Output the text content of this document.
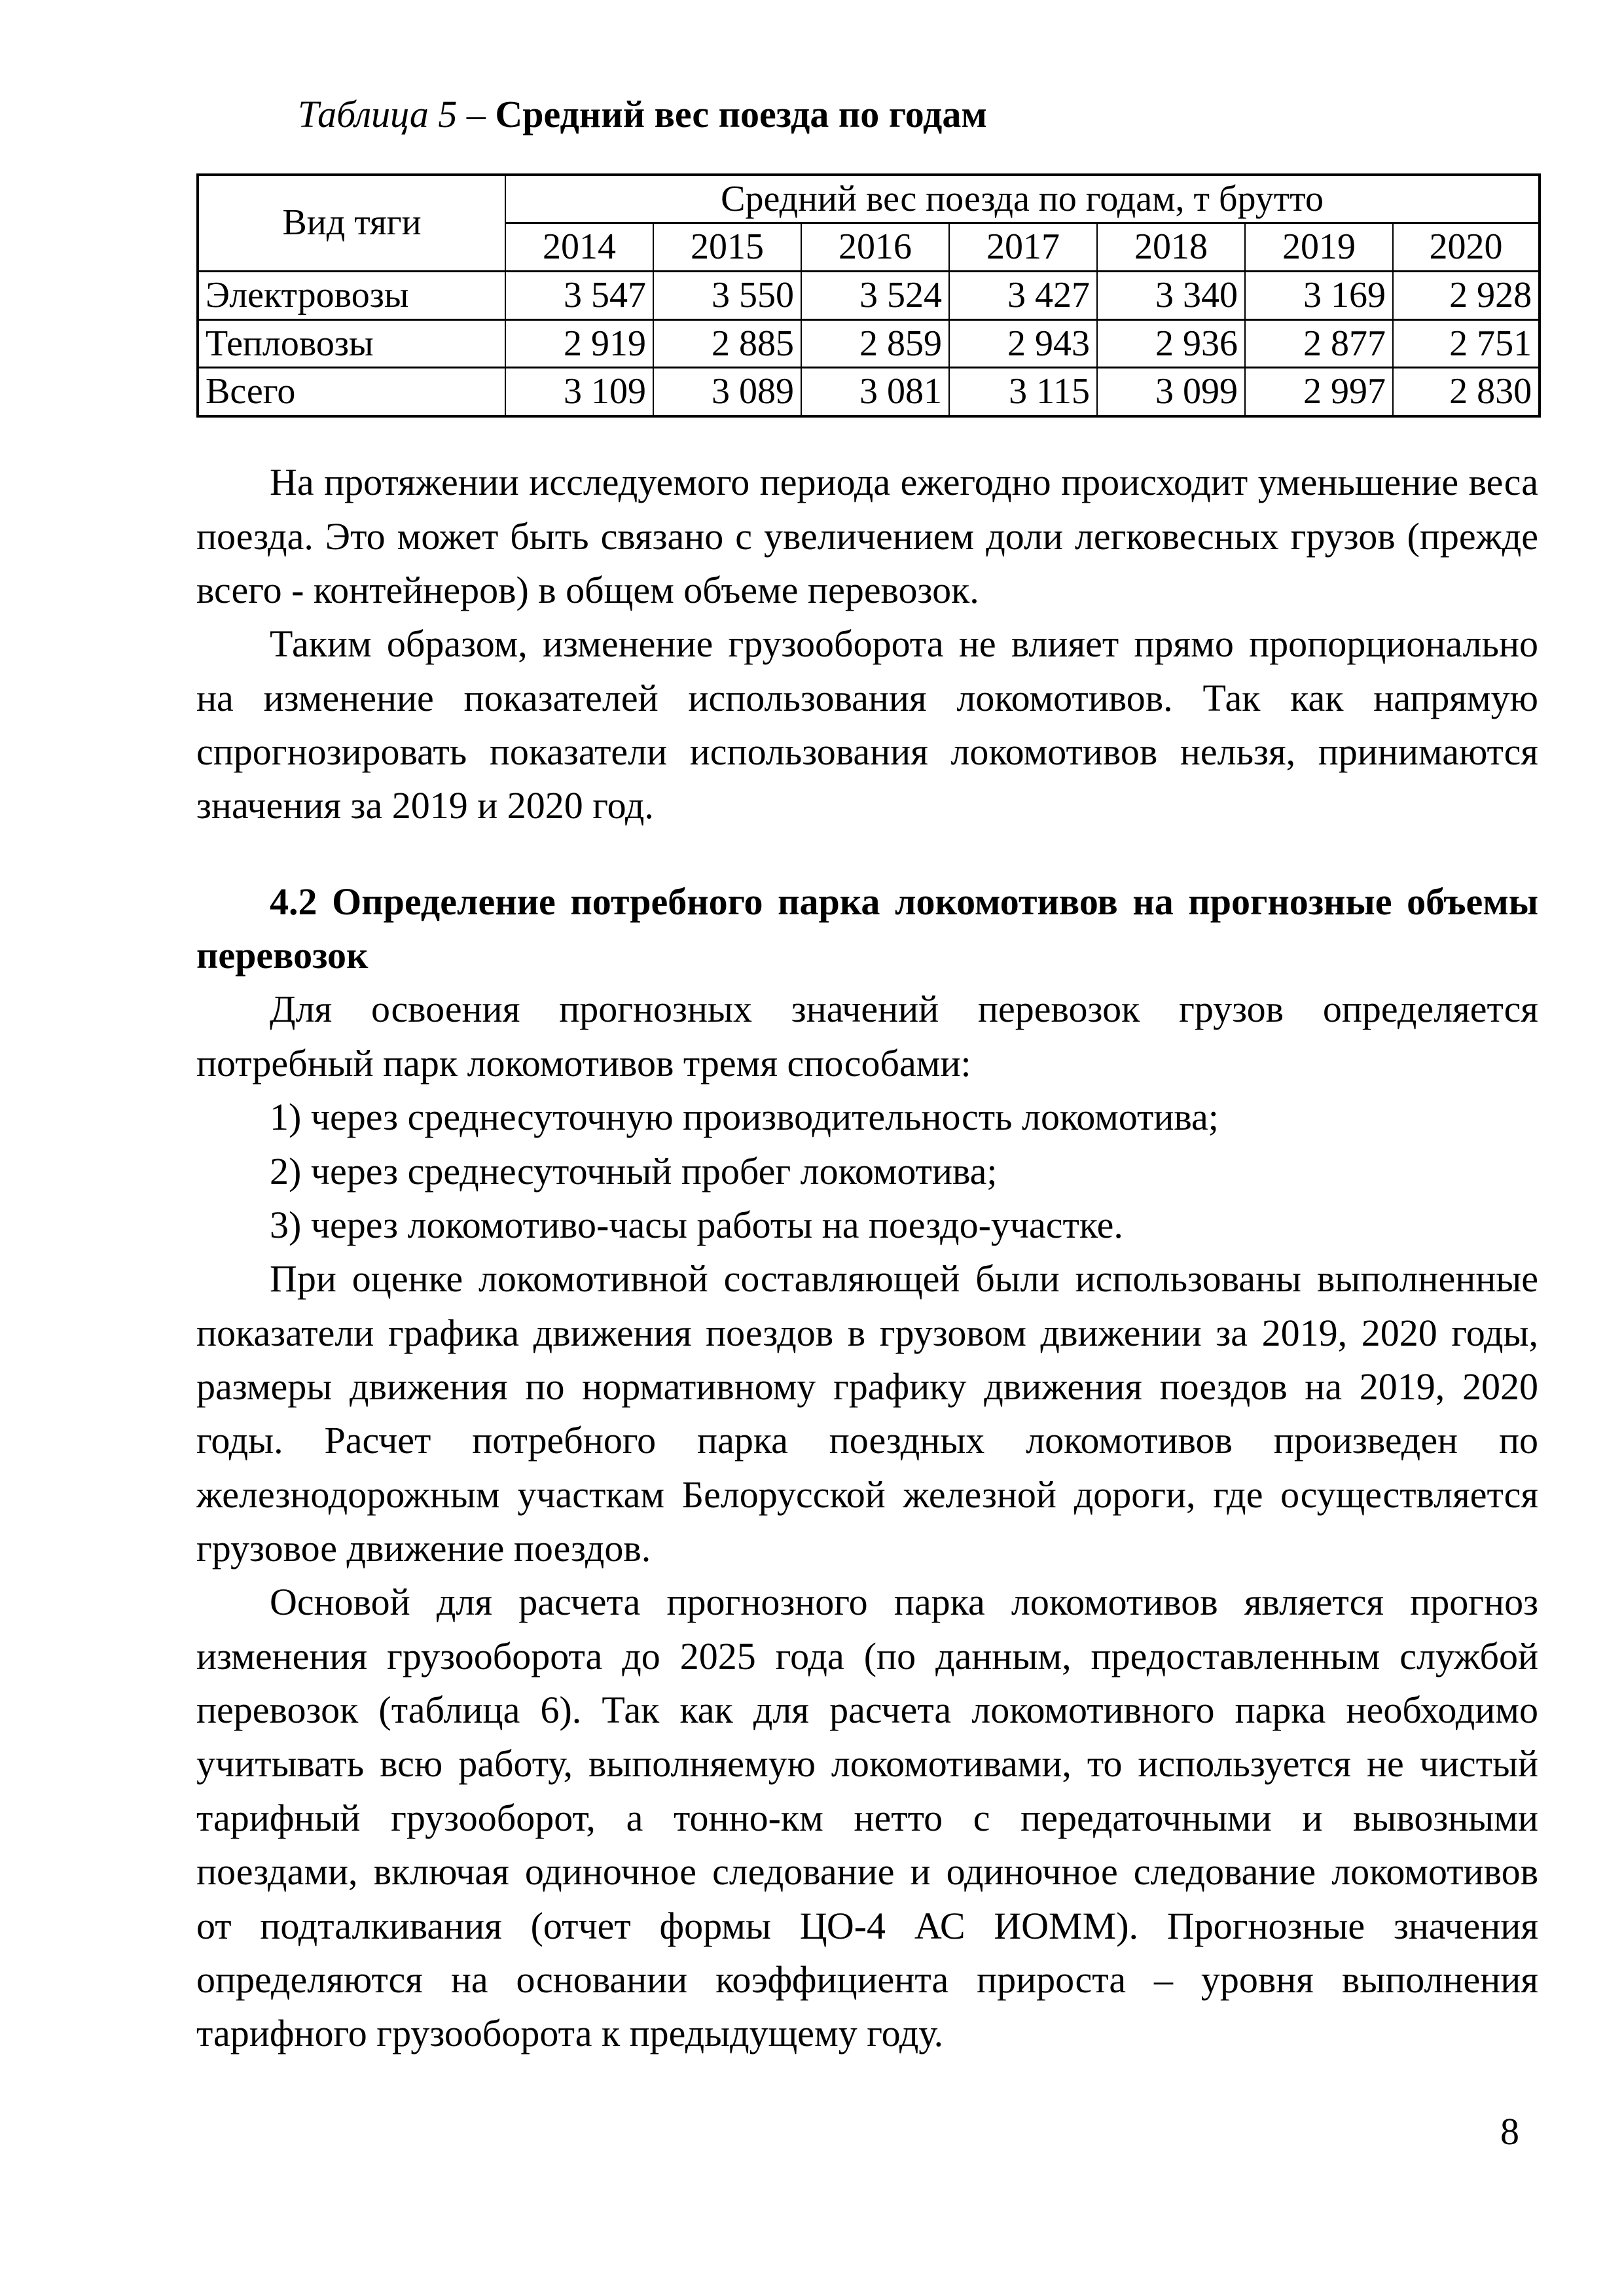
Таблица 5 – Средний вес поезда по годам

Вид тяги	Средний вес поезда по годам, т брутто						
	2014	2015	2016	2017	2018	2019	2020
Электровозы	3 547	3 550	3 524	3 427	3 340	3 169	2 928
Тепловозы	2 919	2 885	2 859	2 943	2 936	2 877	2 751
Всего	3 109	3 089	3 081	3 115	3 099	2 997	2 830

На протяжении исследуемого периода ежегодно происходит уменьшение веса поезда. Это может быть связано с увеличением доли легковесных грузов (прежде всего - контейнеров) в общем объеме перевозок.

Таким образом, изменение грузооборота не влияет прямо пропорционально на изменение показателей использования локомотивов. Так как напрямую спрогнозировать показатели использования локомотивов нельзя, принимаются значения за 2019 и 2020 год.

4.2 Определение потребного парка локомотивов на прогнозные объемы перевозок

Для освоения прогнозных значений перевозок грузов определяется потребный парк локомотивов тремя способами:

1) через среднесуточную производительность локомотива;

2) через среднесуточный пробег локомотива;

3) через локомотиво-часы работы на поездо-участке.

При оценке локомотивной составляющей были использованы выполненные показатели графика движения поездов в грузовом движении за 2019, 2020 годы, размеры движения по нормативному графику движения поездов на 2019, 2020 годы. Расчет потребного парка поездных локомотивов произведен по железнодорожным участкам Белорусской железной дороги, где осуществляется грузовое движение поездов.

Основой для расчета прогнозного парка локомотивов является прогноз изменения грузооборота до 2025 года (по данным, предоставленным службой перевозок (таблица 6). Так как для расчета локомотивного парка необходимо учитывать всю работу, выполняемую локомотивами, то используется не чистый тарифный грузооборот, а тонно-км нетто с передаточными и вывозными поездами, включая одиночное следование и одиночное следование локомотивов от подталкивания (отчет формы ЦО-4 АС ИОММ). Прогнозные значения определяются на основании коэффициента прироста – уровня выполнения тарифного грузооборота к предыдущему году.

8
